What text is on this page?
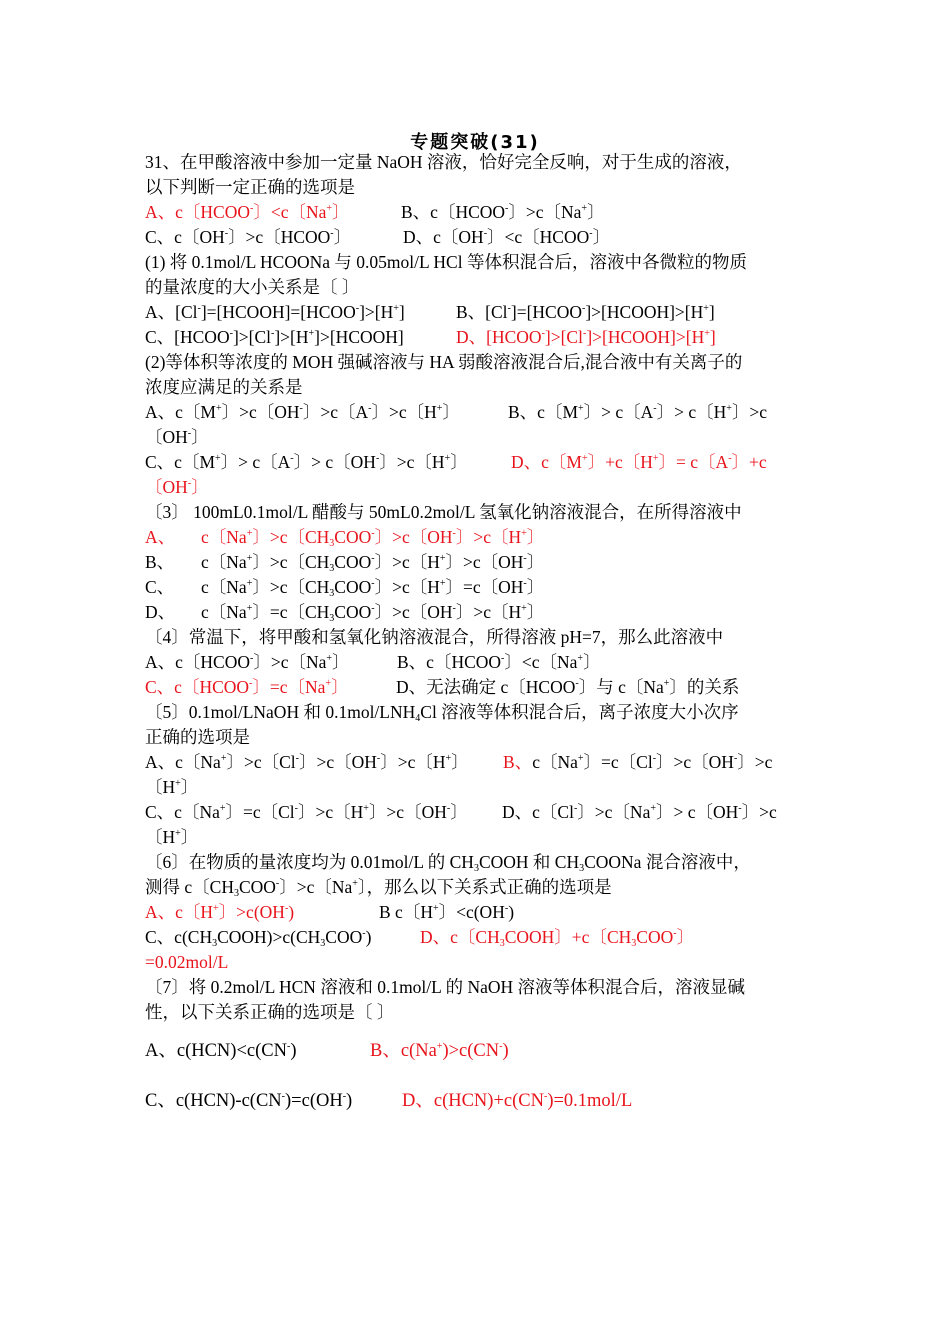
专题突破(31)
31、在甲酸溶液中参加一定量 NaOH 溶液，恰好完全反响，对于生成的溶液，
以下判断一定正确的选项是
A、c〔HCOO-〕<c〔Na+〕	B、c〔HCOO-〕>c〔Na+〕
C、c〔OH-〕>c〔HCOO-〕	D、c〔OH-〕<c〔HCOO-〕
(1) 将 0.1mol/L HCOONa 与 0.05mol/L HCl 等体积混合后，溶液中各微粒的物质
的量浓度的大小关系是〔 〕
A、[Cl-]=[HCOOH]=[HCOO-]>[H+]	B、[Cl-]=[HCOO-]>[HCOOH]>[H+]
C、[HCOO-]>[Cl-]>[H+]>[HCOOH]	D、[HCOO-]>[Cl-]>[HCOOH]>[H+]
(2)等体积等浓度的 MOH 强碱溶液与 HA 弱酸溶液混合后,混合液中有关离子的
浓度应满足的关系是
A、c〔M+〕>c〔OH-〕>c〔A-〕>c〔H+〕	B、c〔M+〕> c〔A-〕> c〔H+〕>c
〔OH-〕
C、c〔M+〕> c〔A-〕> c〔OH-〕>c〔H+〕 D、c〔M+〕+c〔H+〕= c〔A-〕+c
〔OH-〕
〔3〕 100mL0.1mol/L 醋酸与 50mL0.2mol/L 氢氧化钠溶液混合，在所得溶液中
A、 c〔Na+〕>c〔$CH_3COO^-$〕>c〔OH-〕>c〔H+〕
B、 c〔Na+〕>c〔$CH_3COO^-$〕>c〔H+〕>c〔OH-〕
C、 c〔Na+〕>c〔$CH_3COO^-$〕>c〔H+〕=c〔OH-〕
D、 c〔Na+〕=c〔$CH_3COO^-$〕>c〔OH-〕>c〔H+〕
〔4〕常温下，将甲酸和氢氧化钠溶液混合，所得溶液 pH=7，那么此溶液中
A、c〔HCOO-〕>c〔Na+〕	B、c〔HCOO-〕<c〔Na+〕
C、c〔HCOO-〕=c〔Na+〕	D、无法确定 c〔HCOO-〕与 c〔Na+〕的关系
〔5〕0.1mol/LNaOH 和 $0.1mol/LNH_4Cl$ 溶液等体积混合后，离子浓度大小次序
正确的选项是
A、c〔Na+〕>c〔Cl-〕>c〔OH-〕>c〔H+〕 B、c〔Na+〕=c〔Cl-〕>c〔OH-〕>c
〔H+〕
C、c〔Na+〕=c〔Cl-〕>c〔H+〕>c〔OH-〕 D、c〔Cl-〕>c〔Na+〕> c〔OH-〕>c
〔H+〕
〔6〕在物质的量浓度均为 0.01mol/L 的 $CH_3COOH$ 和 $CH_3COONa$ 混合溶液中，
测得 c〔$CH_3COO^-$〕>c〔Na+〕，那么以下关系式正确的选项是
A、c〔H+〕>c(OH-)	B c〔H+〕<c(OH-)
C、$c(CH_3COOH)>c(CH_3COO^-)$	D、c〔$CH_3COOH$〕+c〔$CH_3COO^-$〕
=0.02mol/L
〔7〕将 0.2mol/L HCN 溶液和 0.1mol/L 的 NaOH 溶液等体积混合后，溶液显碱
性，以下关系正确的选项是〔 〕
A、c(HCN)<c(CN-)	B、c(Na+)>c(CN-)
C、c(HCN)-c(CN-)=c(OH-)	D、c(HCN)+c(CN-)=0.1mol/L
